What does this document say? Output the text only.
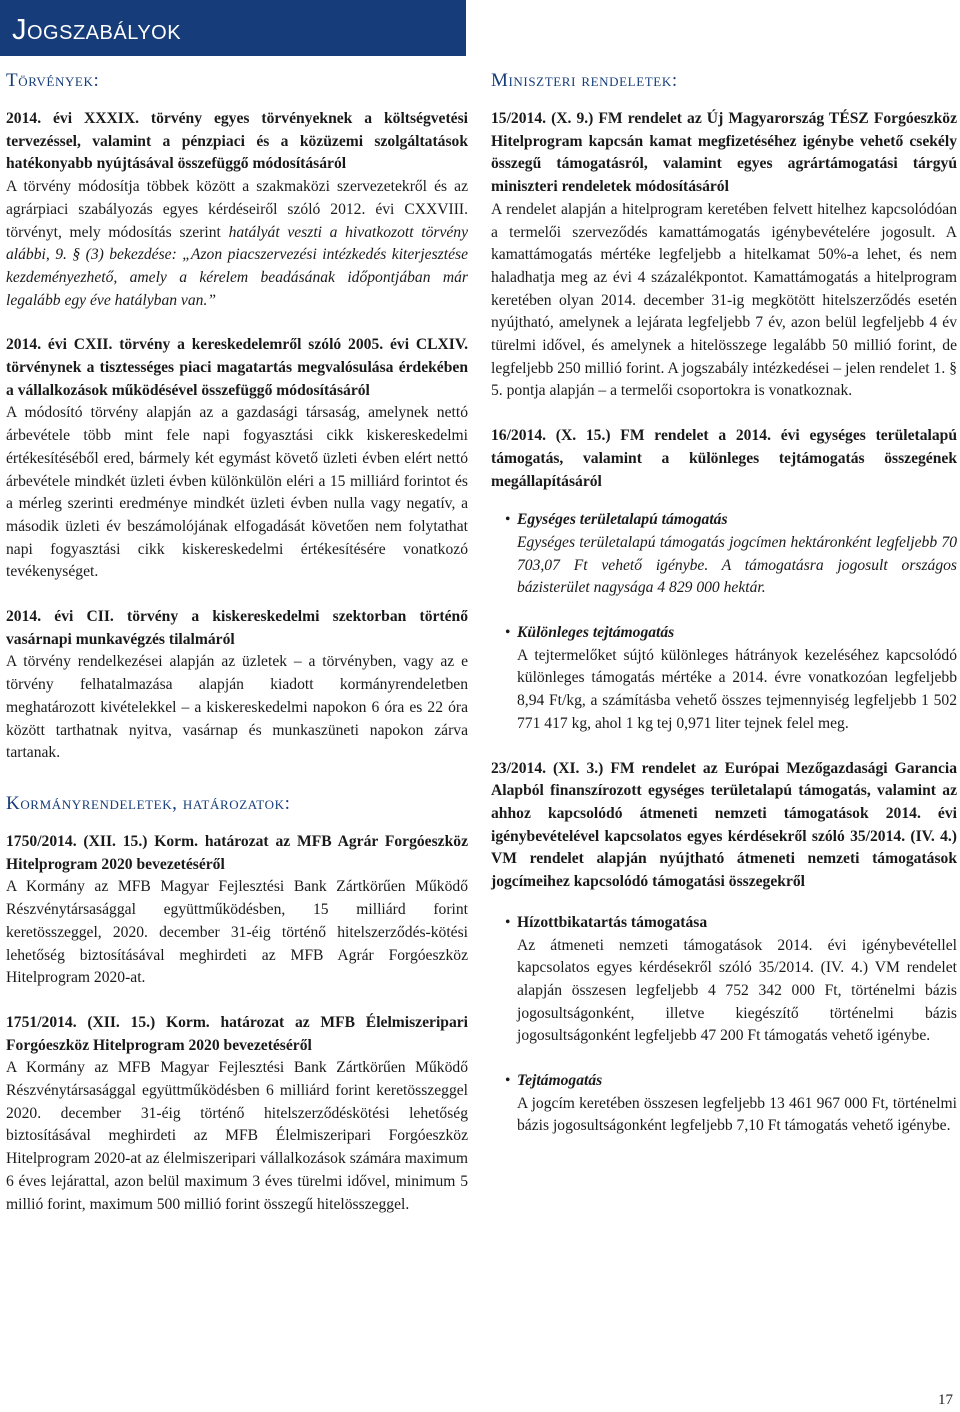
Jogszabályok
Törvények:

2014. évi XXXIX. törvény egyes törvényeknek a költségvetési tervezéssel, valamint a pénzpiaci és a közüzemi szolgáltatások hatékonyabb nyújtásával összefüggő módosításáról

A törvény módosítja többek között a szakmaközi szervezetekről és az agrárpiaci szabályozás egyes kérdéseiről szóló 2012. évi CXXVIII. törvényt, mely módosítás szerint hatályát veszti a hivatkozott törvény alábbi, 9. § (3) bekezdése: „Azon piacszervezési intézkedés kiterjesztése kezdeményezhető, amely a kérelem beadásának időpontjában már legalább egy éve hatályban van.”

2014. évi CXII. törvény a kereskedelemről szóló 2005. évi CLXIV. törvénynek a tisztességes piaci magatartás megvalósulása érdekében a vállalkozások működésével összefüggő módosításáról

A módosító törvény alapján az a gazdasági társaság, amelynek nettó árbevétele több mint fele napi fogyasztási cikk kiskereskedelmi értékesítéséből ered, bármely két egymást követő üzleti évben elért nettó árbevétele mindkét üzleti évben különkülön eléri a 15 milliárd forintot és a mérleg szerinti eredménye mindkét üzleti évben nulla vagy negatív, a második üzleti év beszámolójának elfogadását követően nem folytathat napi fogyasztási cikk kiskereskedelmi értékesítésére vonatkozó tevékenységet.

2014. évi CII. törvény a kiskereskedelmi szektorban történő vasárnapi munkavégzés tilalmáról

A törvény rendelkezései alapján az üzletek – a törvényben, vagy az e törvény felhatalmazása alapján kiadott kormányrendeletben meghatározott kivételekkel – a kiskereskedelmi napokon 6 óra es 22 óra között tarthatnak nyitva, vasárnap és munkaszüneti napokon zárva tartanak.

Kormányrendeletek, határozatok:

1750/2014. (XII. 15.) Korm. határozat az MFB Agrár Forgóeszköz Hitelprogram 2020 bevezetéséről

A Kormány az MFB Magyar Fejlesztési Bank Zártkörűen Működő Részvénytársasággal együttműködésben, 15 milliárd forint keretösszeggel, 2020. december 31-éig történő hitelszerződés-kötési lehetőség biztosításával meghirdeti az MFB Agrár Forgóeszköz Hitelprogram 2020-at.

1751/2014. (XII. 15.) Korm. határozat az MFB Élelmiszeripari Forgóeszköz Hitelprogram 2020 bevezetéséről

A Kormány az MFB Magyar Fejlesztési Bank Zártkörűen Működő Részvénytársasággal együttműködésben 6 milliárd forint keretösszeggel 2020. december 31-éig történő hitelszerződéskötési lehetőség biztosításával meghirdeti az MFB Élelmiszeripari Forgóeszköz Hitelprogram 2020-at az élelmiszeripari vállalkozások számára maximum 6 éves lejárattal, azon belül maximum 3 éves türelmi idővel, minimum 5 millió forint, maximum 500 millió forint összegű hitelösszeggel.

Miniszteri rendeletek:

15/2014. (X. 9.) FM rendelet az Új Magyarország TÉSZ Forgóeszköz Hitelprogram kapcsán kamat megfizetéséhez igénybe vehető csekély összegű támogatásról, valamint egyes agrártámogatási tárgyú miniszteri rendeletek módosításáról

A rendelet alapján a hitelprogram keretében felvett hitelhez kapcsolódóan a termelői szerveződés kamattámogatás igénybevételére jogosult. A kamattámogatás mértéke legfeljebb a hitelkamat 50%-a lehet, és nem haladhatja meg az évi 4 százalékpontot. Kamattámogatás a hitelprogram keretében olyan 2014. december 31-ig megkötött hitelszerződés esetén nyújtható, amelynek a lejárata legfeljebb 7 év, azon belül legfeljebb 4 év türelmi idővel, és amelynek a hitelösszege legalább 50 millió forint, de legfeljebb 250 millió forint. A jogszabály intézkedései – jelen rendelet 1. § 5. pontja alapján – a termelői csoportokra is vonatkoznak.

16/2014. (X. 15.) FM rendelet a 2014. évi egységes területalapú támogatás, valamint a különleges tejtámogatás összegének megállapításáról

• Egységes területalapú támogatás
Egységes területalapú támogatás jogcímen hektáronként legfeljebb 70 703,07 Ft vehető igénybe. A támogatásra jogosult országos bázisterület nagysága 4 829 000 hektár.
• Különleges tejtámogatás
A tejtermelőket sújtó különleges hátrányok kezeléséhez kapcsolódó különleges támogatás mértéke a 2014. évre vonatkozóan legfeljebb 8,94 Ft/kg, a számításba vehető összes tejmennyiség legfeljebb 1 502 771 417 kg, ahol 1 kg tej 0,971 liter tejnek felel meg.

23/2014. (XI. 3.) FM rendelet az Európai Mezőgazdasági Garancia Alapból finanszírozott egységes területalapú támogatás, valamint az ahhoz kapcsolódó átmeneti nemzeti támogatások 2014. évi igénybevételével kapcsolatos egyes kérdésekről szóló 35/2014. (IV. 4.) VM rendelet alapján nyújtható átmeneti nemzeti támogatások jogcímeihez kapcsolódó támogatási összegekről

• Hízottbikatartás támogatása
Az átmeneti nemzeti támogatások 2014. évi igénybevétellel kapcsolatos egyes kérdésekről szóló 35/2014. (IV. 4.) VM rendelet alapján összesen legfeljebb 4 752 342 000 Ft, történelmi bázis jogosultságonként, illetve kiegészítő történelmi bázis jogosultságonként legfeljebb 47 200 Ft támogatás vehető igénybe.
• Tejtámogatás
A jogcím keretében összesen legfeljebb 13 461 967 000 Ft, történelmi bázis jogosultságonként legfeljebb 7,10 Ft támogatás vehető igénybe.
17
